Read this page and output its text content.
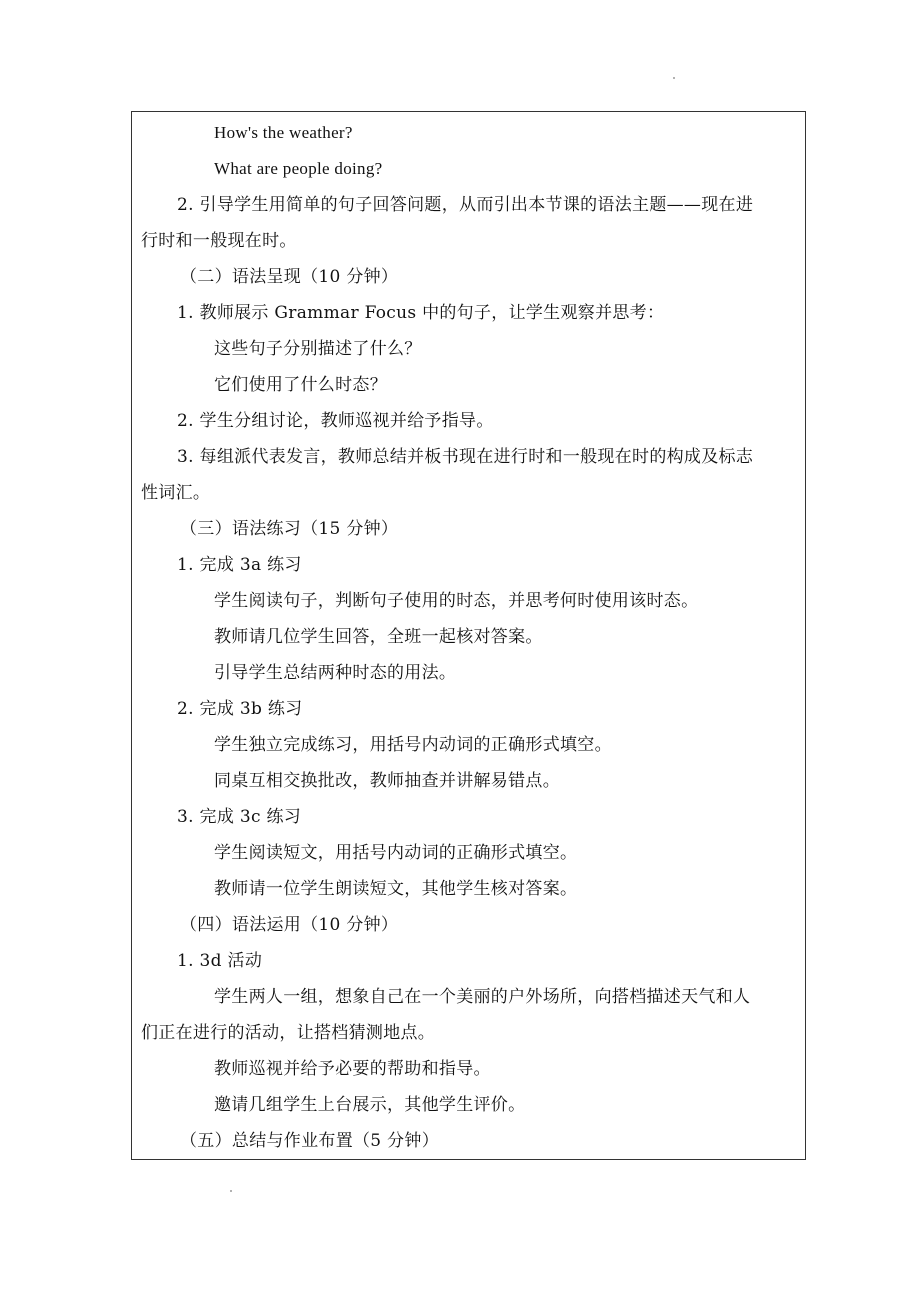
How's the weather?
What are people doing?
2. 引导学生用简单的句子回答问题，从而引出本节课的语法主题——现在进
行时和一般现在时。
（二）语法呈现（10 分钟）
1. 教师展示 Grammar Focus 中的句子，让学生观察并思考：
这些句子分别描述了什么？
它们使用了什么时态？
2. 学生分组讨论，教师巡视并给予指导。
3. 每组派代表发言，教师总结并板书现在进行时和一般现在时的构成及标志
性词汇。
（三）语法练习（15 分钟）
1. 完成 3a 练习
学生阅读句子，判断句子使用的时态，并思考何时使用该时态。
教师请几位学生回答，全班一起核对答案。
引导学生总结两种时态的用法。
2. 完成 3b 练习
学生独立完成练习，用括号内动词的正确形式填空。
同桌互相交换批改，教师抽查并讲解易错点。
3. 完成 3c 练习
学生阅读短文，用括号内动词的正确形式填空。
教师请一位学生朗读短文，其他学生核对答案。
（四）语法运用（10 分钟）
1. 3d 活动
学生两人一组，想象自己在一个美丽的户外场所，向搭档描述天气和人
们正在进行的活动，让搭档猜测地点。
教师巡视并给予必要的帮助和指导。
邀请几组学生上台展示，其他学生评价。
（五）总结与作业布置（5 分钟）
